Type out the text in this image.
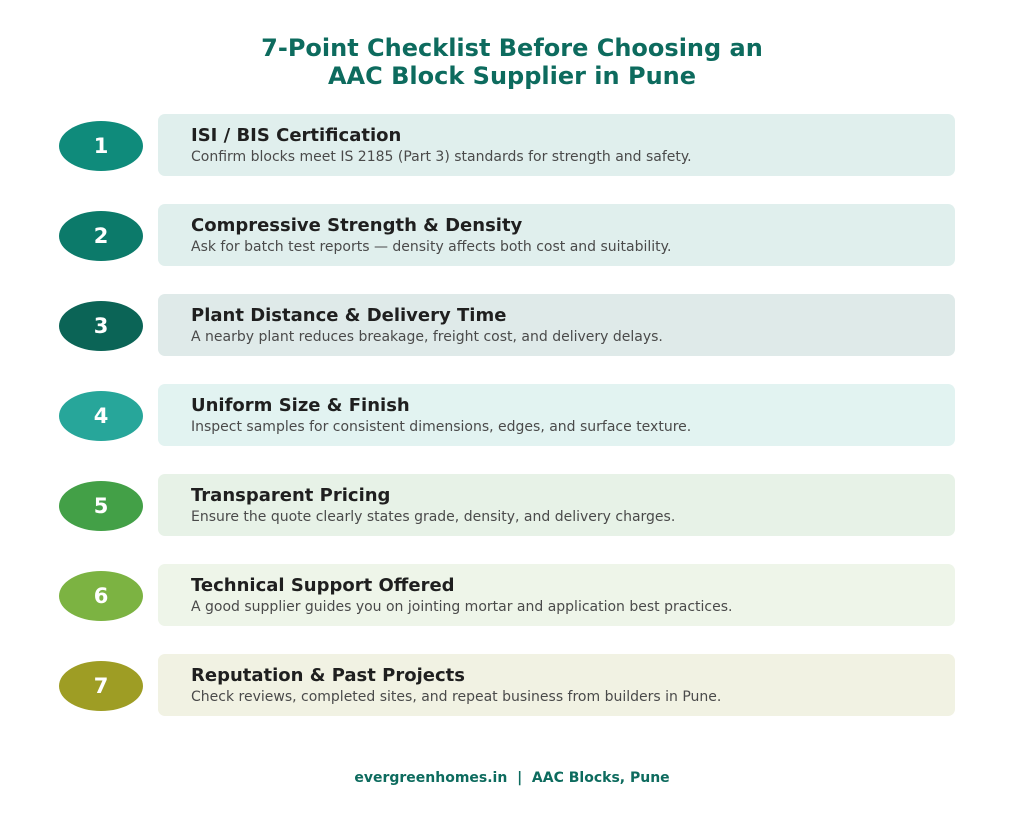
7-Point Checklist Before Choosing an
AAC Block Supplier in Pune
1	ISI / BIS Certification
Confirm blocks meet IS 2185 (Part 3) standards for strength and safety.
2	Compressive Strength & Density
Ask for batch test reports — density affects both cost and suitability.
3	Plant Distance & Delivery Time
A nearby plant reduces breakage, freight cost, and delivery delays.
4	Uniform Size & Finish
Inspect samples for consistent dimensions, edges, and surface texture.
5	Transparent Pricing
Ensure the quote clearly states grade, density, and delivery charges.
6	Technical Support Offered
A good supplier guides you on jointing mortar and application best practices.
7	Reputation & Past Projects
Check reviews, completed sites, and repeat business from builders in Pune.
evergreenhomes.in  |  AAC Blocks, Pune
